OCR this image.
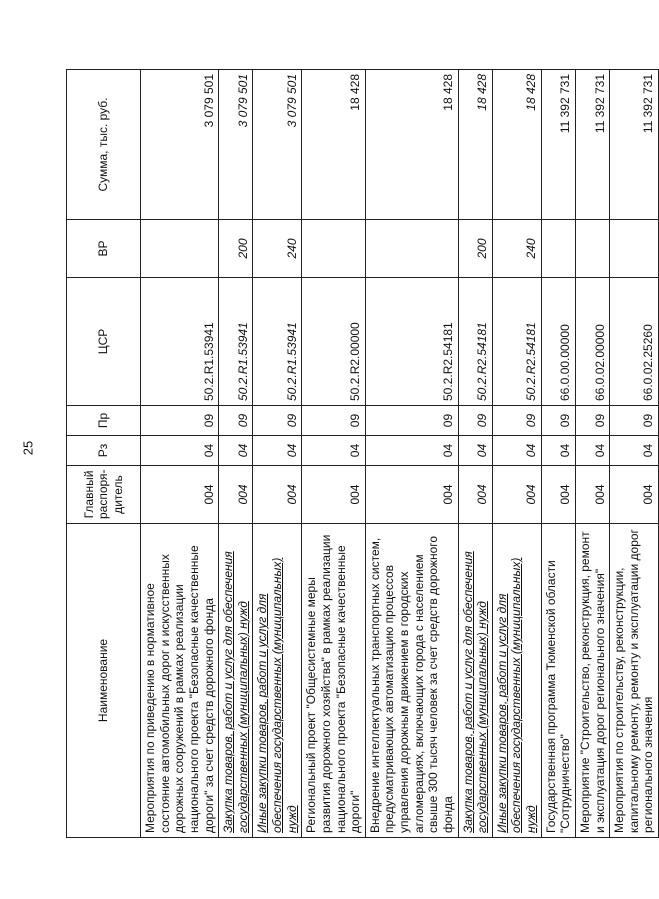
25
Наименование	Главный распоря-дитель	Рз	Пр	ЦСР	ВР	Сумма, тыс. руб.
Мероприятия по приведению в нормативное состояние автомобильных дорог и искусственных дорожных сооружений в рамках реализации национального проекта "Безопасные качественные дороги" за счет средств дорожного фонда	004	04	09	50.2.R1.53941		3 079 501
Закупка товаров, работ и услуг для обеспечения государственных (муниципальных) нужд	004	04	09	50.2.R1.53941	200	3 079 501
Иные закупки товаров, работ и услуг для обеспечения государственных (муниципальных) нужд	004	04	09	50.2.R1.53941	240	3 079 501
Региональный проект "Общесистемные меры развития дорожного хозяйства" в рамках реализации национального проекта "Безопасные качественные дороги"	004	04	09	50.2.R2.00000		18 428
Внедрение интеллектуальных транспортных систем, предусматривающих автоматизацию процессов управления дорожным движением в городских агломерациях, включающих города с населением свыше 300 тысяч человек за счет средств дорожного фонда	004	04	09	50.2.R2.54181		18 428
Закупка товаров, работ и услуг для обеспечения государственных (муниципальных) нужд	004	04	09	50.2.R2.54181	200	18 428
Иные закупки товаров, работ и услуг для обеспечения государственных (муниципальных) нужд	004	04	09	50.2.R2.54181	240	18 428
Государственная программа Тюменской области "Сотрудничество"	004	04	09	66.0.00.00000		11 392 731
Мероприятие "Строительство, реконструкция, ремонт и эксплуатация дорог регионального значения"	004	04	09	66.0.02.00000		11 392 731
Мероприятия по строительству, реконструкции, капитальному ремонту, ремонту и эксплуатации дорог регионального значения	004	04	09	66.0.02.25260		11 392 731
